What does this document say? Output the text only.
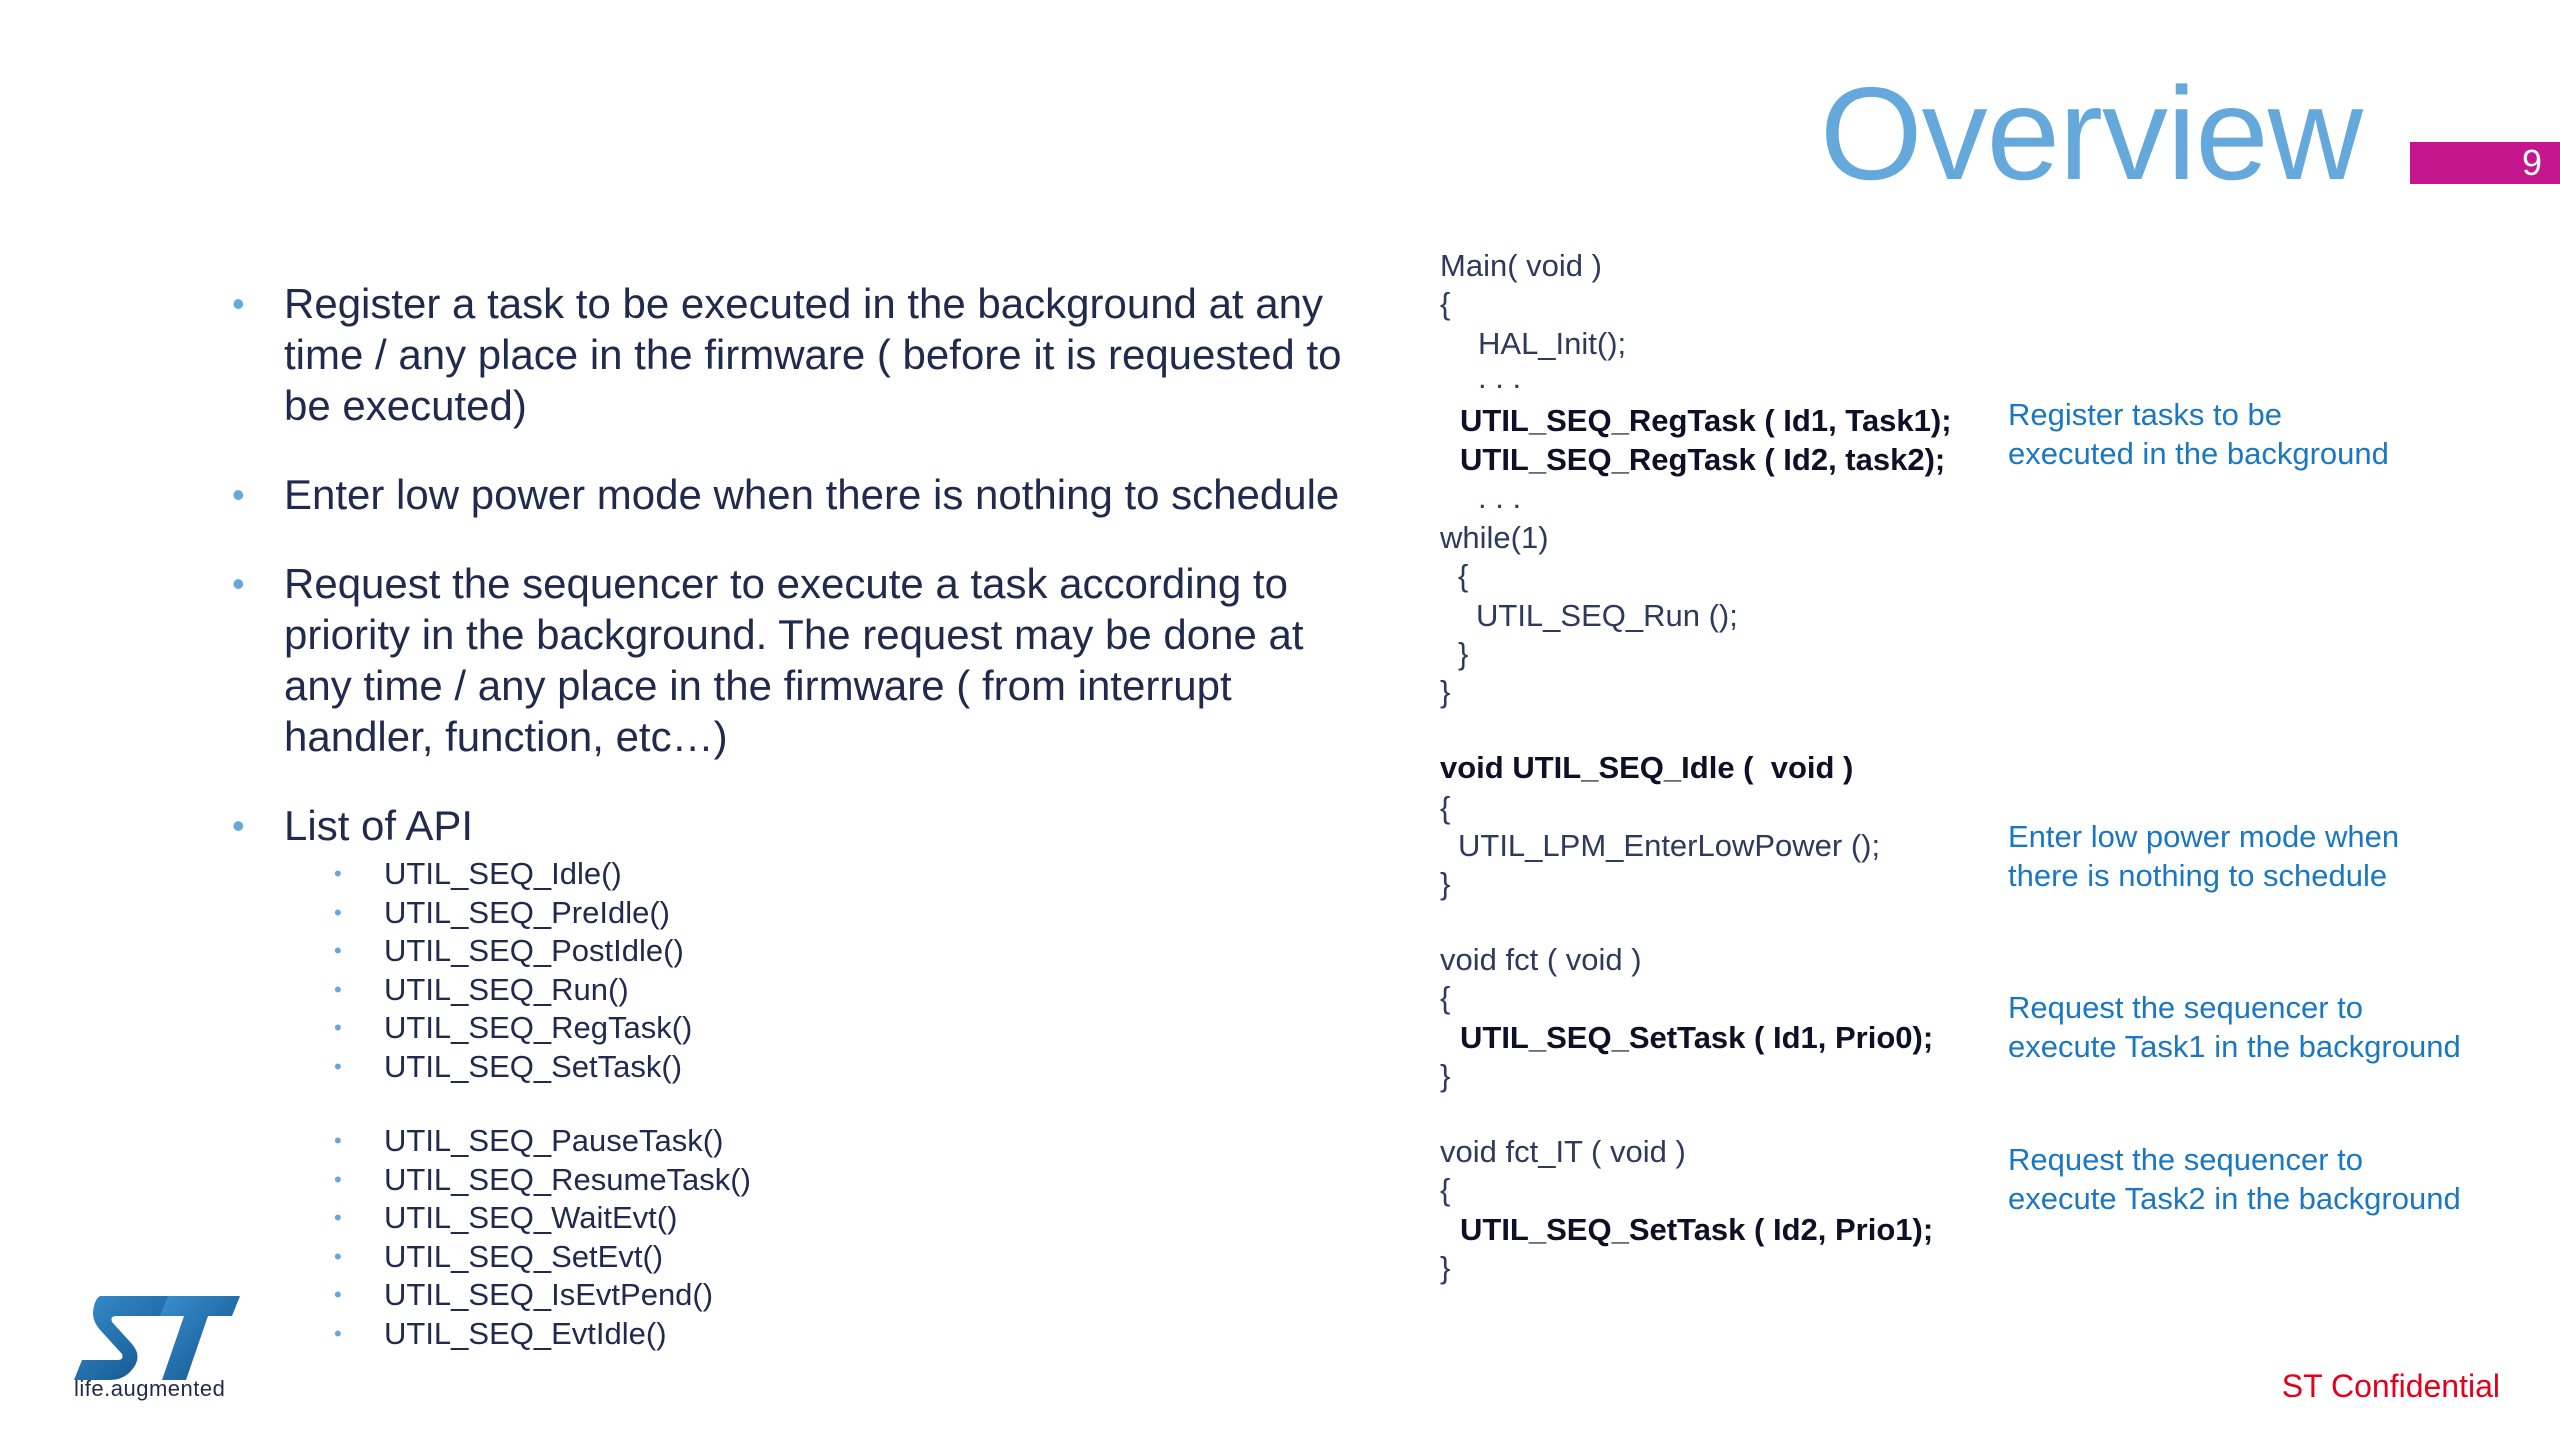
Overview	9
• Register a task to be executed in the background at any time / any place in the firmware ( before it is requested to be executed)
• Enter low power mode when there is nothing to schedule
• Request the sequencer to execute a task according to priority in the background. The request may be done at any time / any place in the firmware ( from interrupt handler, function, etc…)
• List of API
• UTIL_SEQ_Idle()
• UTIL_SEQ_PreIdle()
• UTIL_SEQ_PostIdle()
• UTIL_SEQ_Run()
• UTIL_SEQ_RegTask()
• UTIL_SEQ_SetTask()
• UTIL_SEQ_PauseTask()
• UTIL_SEQ_ResumeTask()
• UTIL_SEQ_WaitEvt()
• UTIL_SEQ_SetEvt()
• UTIL_SEQ_IsEvtPend()
• UTIL_SEQ_EvtIdle()
Main( void )
{
HAL_Init();
. . .
UTIL_SEQ_RegTask ( Id1, Task1);
UTIL_SEQ_RegTask ( Id2, task2);
. . .
while(1)
{
UTIL_SEQ_Run ();
}
}
void UTIL_SEQ_Idle (  void )
{
UTIL_LPM_EnterLowPower ();
}
void fct ( void )
{
UTIL_SEQ_SetTask ( Id1, Prio0);
}
void fct_IT ( void )
{
UTIL_SEQ_SetTask ( Id2, Prio1);
}
Register tasks to be
executed in the background
Enter low power mode when
there is nothing to schedule
Request the sequencer to
execute Task1 in the background
Request the sequencer to
execute Task2 in the background
life.augmented	ST Confidential
